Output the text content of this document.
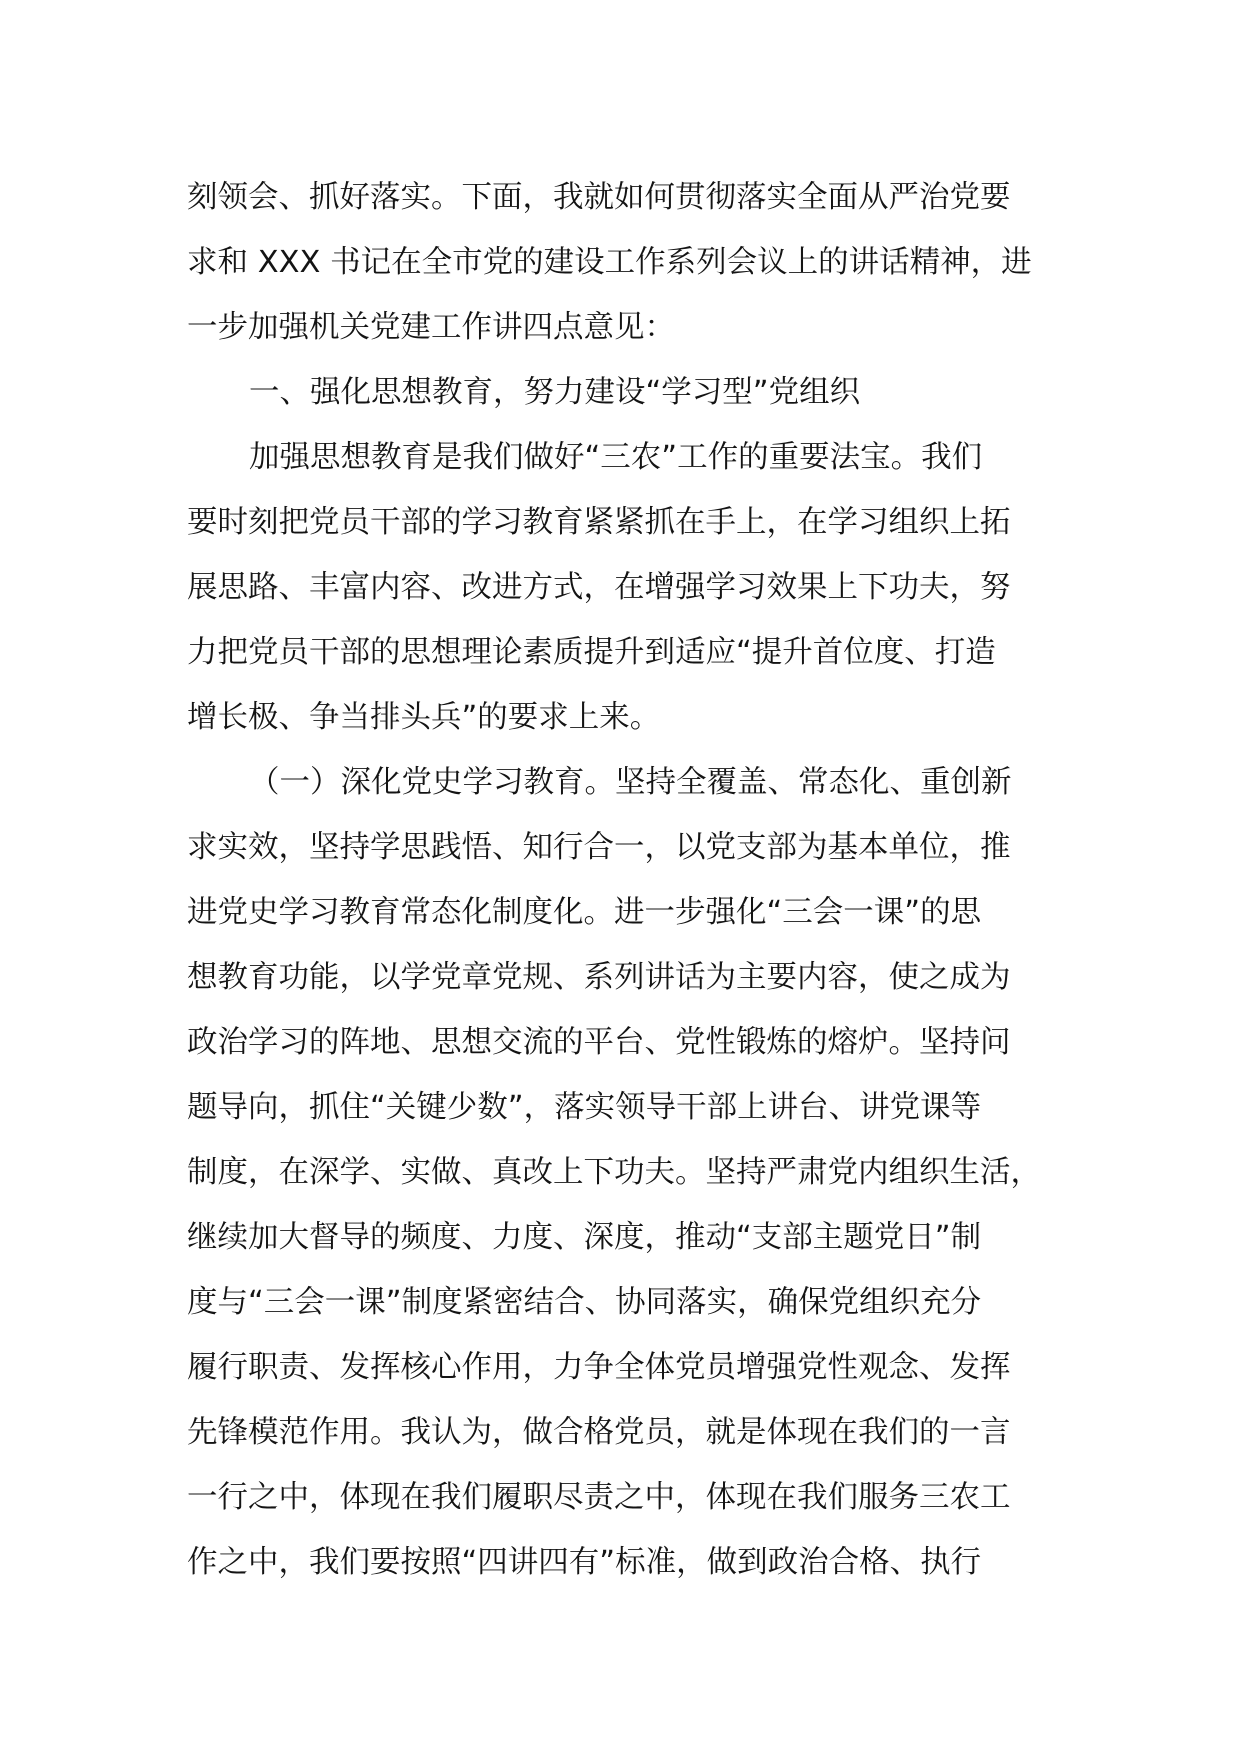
刻领会、抓好落实。下面，我就如何贯彻落实全面从严治党要
求和 XXX 书记在全市党的建设工作系列会议上的讲话精神，进
一步加强机关党建工作讲四点意见：
一、强化思想教育，努力建设“学习型”党组织
加强思想教育是我们做好“三农”工作的重要法宝。我们
要时刻把党员干部的学习教育紧紧抓在手上，在学习组织上拓
展思路、丰富内容、改进方式，在增强学习效果上下功夫，努
力把党员干部的思想理论素质提升到适应“提升首位度、打造
增长极、争当排头兵”的要求上来。
（一）深化党史学习教育。坚持全覆盖、常态化、重创新
求实效，坚持学思践悟、知行合一，以党支部为基本单位，推
进党史学习教育常态化制度化。进一步强化“三会一课”的思
想教育功能，以学党章党规、系列讲话为主要内容，使之成为
政治学习的阵地、思想交流的平台、党性锻炼的熔炉。坚持问
题导向，抓住“关键少数”，落实领导干部上讲台、讲党课等
制度，在深学、实做、真改上下功夫。坚持严肃党内组织生活，
继续加大督导的频度、力度、深度，推动“支部主题党日”制
度与“三会一课”制度紧密结合、协同落实，确保党组织充分
履行职责、发挥核心作用，力争全体党员增强党性观念、发挥
先锋模范作用。我认为，做合格党员，就是体现在我们的一言
一行之中，体现在我们履职尽责之中，体现在我们服务三农工
作之中，我们要按照“四讲四有”标准，做到政治合格、执行
